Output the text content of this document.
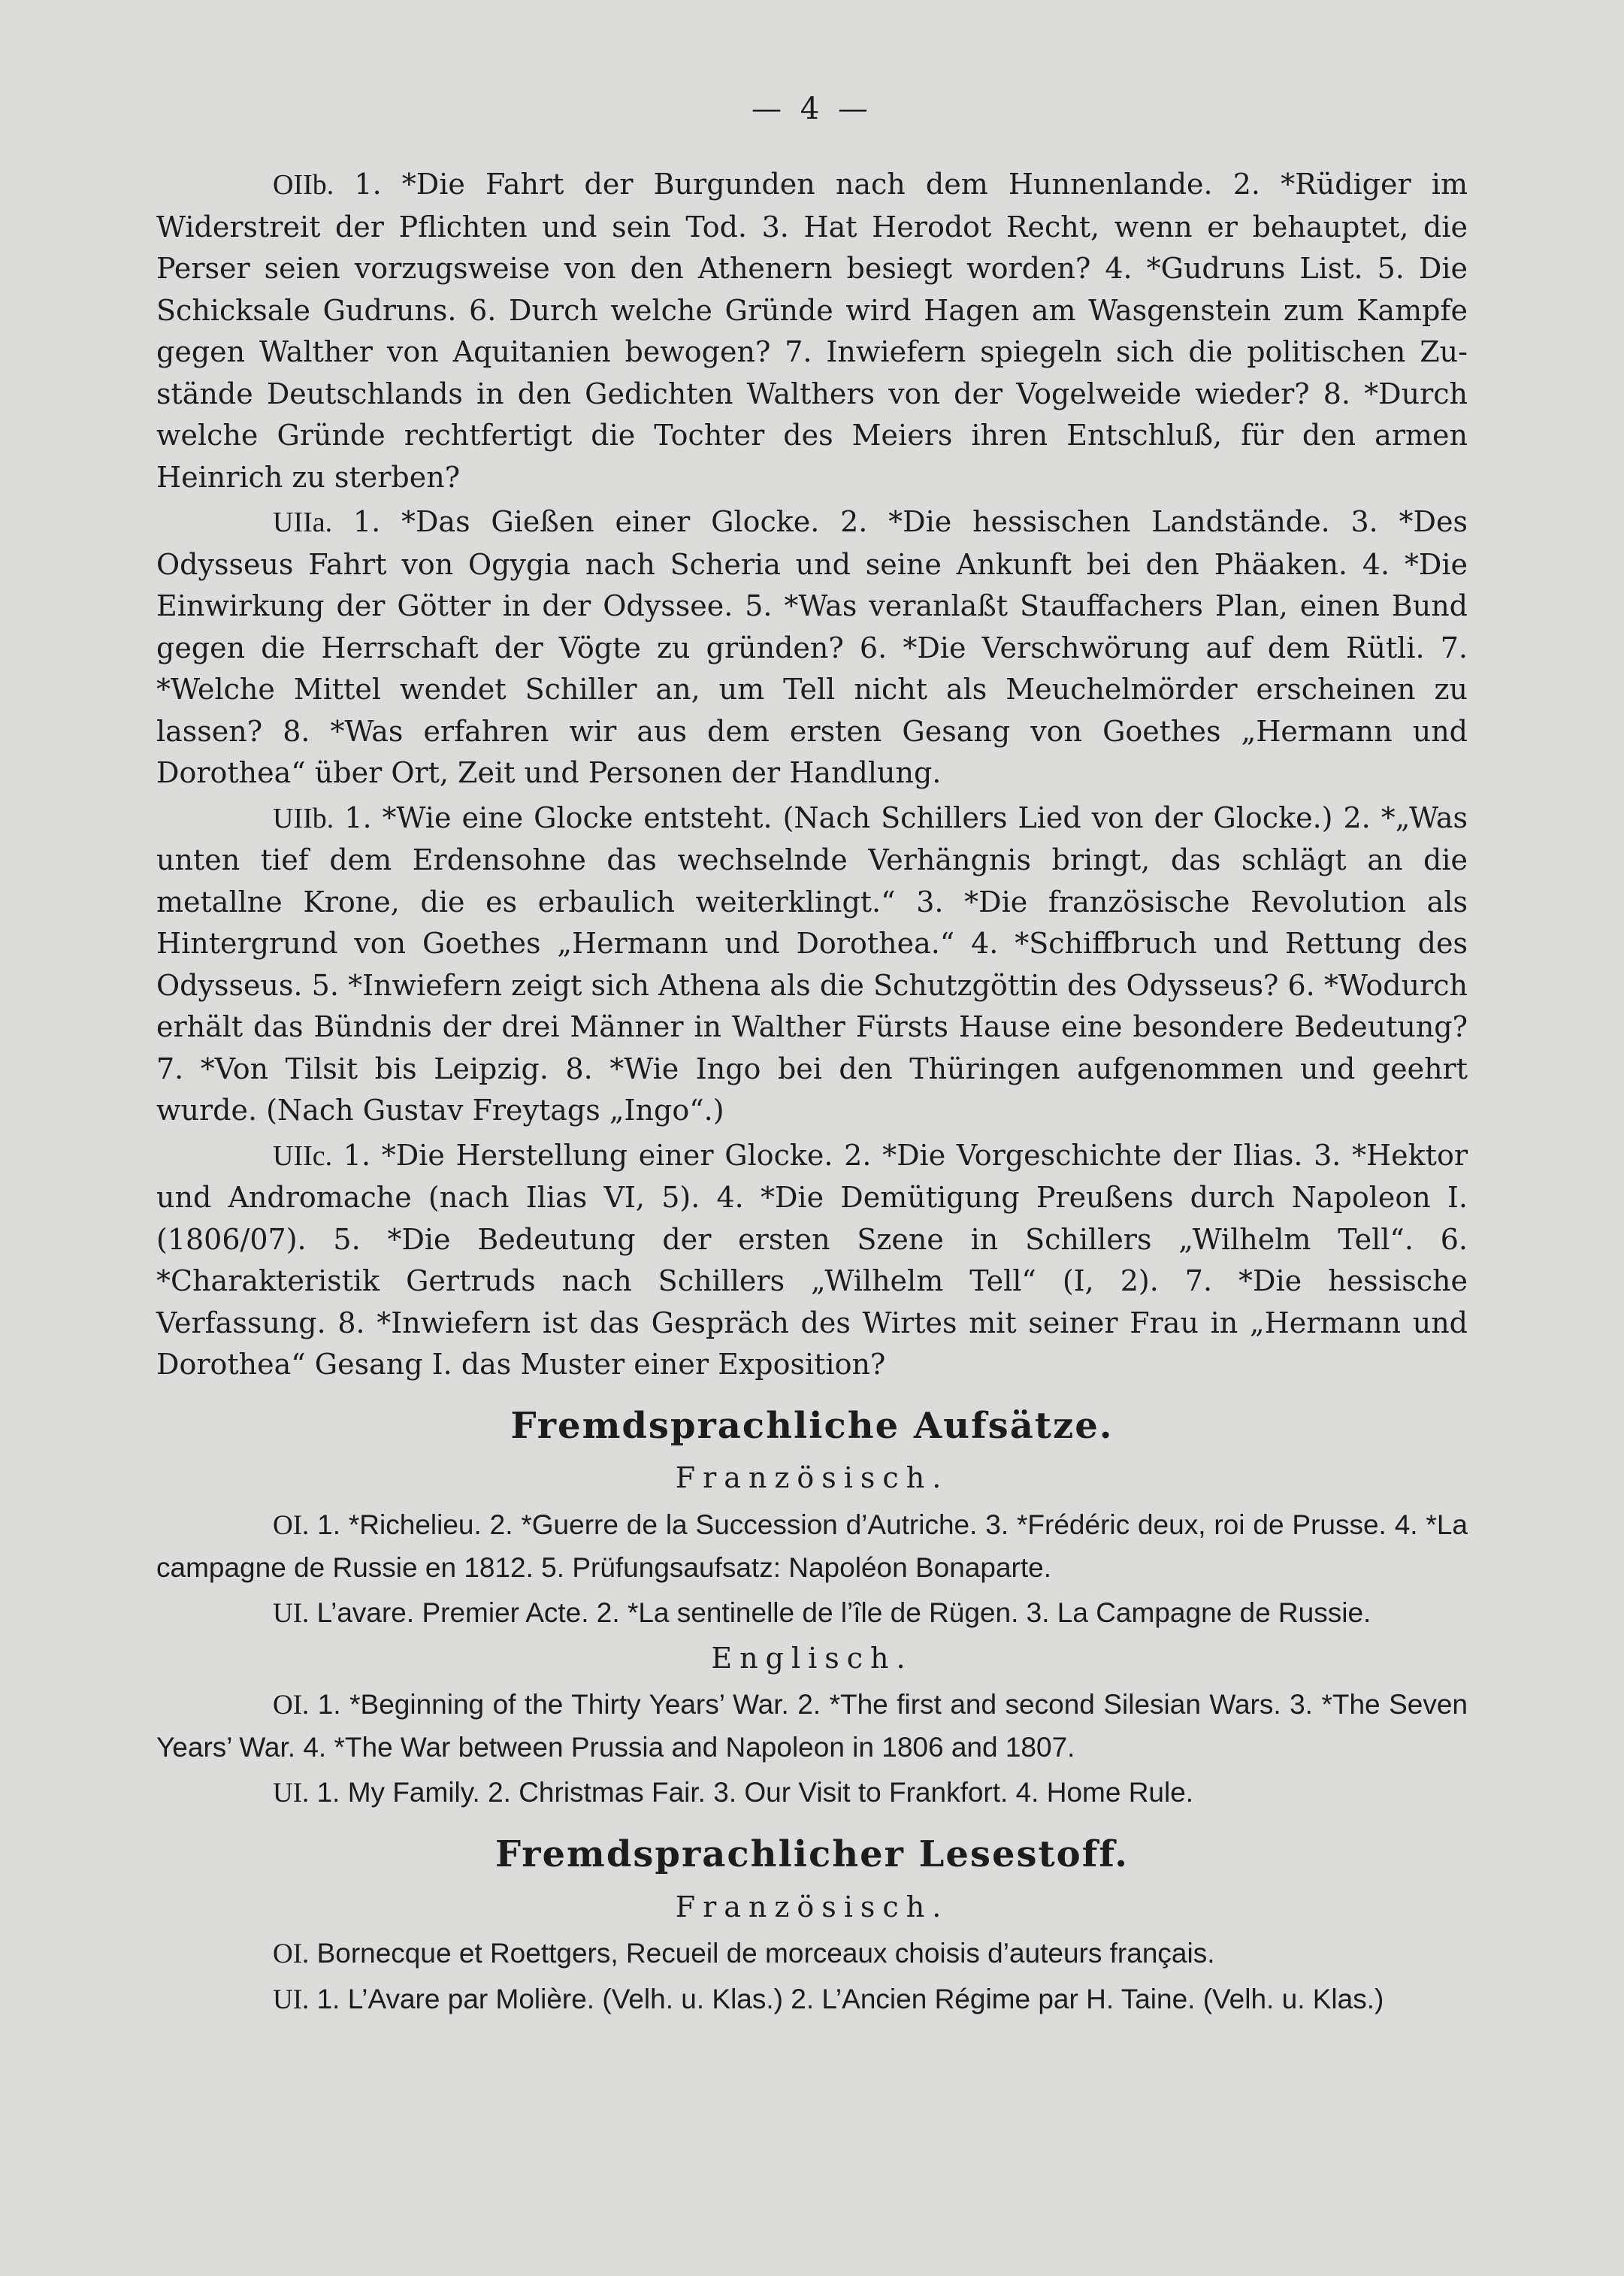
— 4 —

OIIb. 1. *Die Fahrt der Burgunden nach dem Hunnenlande. 2. *Rüdiger im Widerstreit der Pflichten und sein Tod. 3. Hat Herodot Recht, wenn er behauptet, die Perser seien vorzugsweise von den Athenern besiegt worden? 4. *Gudruns List. 5. Die Schicksale Gudruns. 6. Durch welche Gründe wird Hagen am Wasgenstein zum Kampfe gegen Walther von Aquitanien bewogen? 7. Inwiefern spiegeln sich die politischen Zustände Deutschlands in den Gedichten Walthers von der Vogelweide wieder? 8. *Durch welche Gründe rechtfertigt die Tochter des Meiers ihren Entschluß, für den armen Heinrich zu sterben?

UIIa. 1. *Das Gießen einer Glocke. 2. *Die hessischen Landstände. 3. *Des Odysseus Fahrt von Ogygia nach Scheria und seine Ankunft bei den Phäaken. 4. *Die Einwirkung der Götter in der Odyssee. 5. *Was veranlaßt Stauffachers Plan, einen Bund gegen die Herrschaft der Vögte zu gründen? 6. *Die Verschwörung auf dem Rütli. 7. *Welche Mittel wendet Schiller an, um Tell nicht als Meuchelmörder erscheinen zu lassen? 8. *Was erfahren wir aus dem ersten Gesang von Goethes „Hermann und Dorothea“ über Ort, Zeit und Personen der Handlung.

UIIb. 1. *Wie eine Glocke entsteht. (Nach Schillers Lied von der Glocke.) 2. *„Was unten tief dem Erdensohne das wechselnde Verhängnis bringt, das schlägt an die metallne Krone, die es erbaulich weiterklingt.“ 3. *Die französische Revolution als Hintergrund von Goethes „Hermann und Dorothea.“ 4. *Schiffbruch und Rettung des Odysseus. 5. *Inwiefern zeigt sich Athena als die Schutzgöttin des Odysseus? 6. *Wodurch erhält das Bündnis der drei Männer in Walther Fürsts Hause eine besondere Bedeutung? 7. *Von Tilsit bis Leipzig. 8. *Wie Ingo bei den Thüringen aufgenommen und geehrt wurde. (Nach Gustav Freytags „Ingo“.)

UIIc. 1. *Die Herstellung einer Glocke. 2. *Die Vorgeschichte der Ilias. 3. *Hektor und Andromache (nach Ilias VI, 5). 4. *Die Demütigung Preußens durch Napoleon I. (1806/07). 5. *Die Bedeutung der ersten Szene in Schillers „Wilhelm Tell“. 6. *Charakteristik Gertruds nach Schillers „Wilhelm Tell“ (I, 2). 7. *Die hessische Verfassung. 8. *Inwiefern ist das Gespräch des Wirtes mit seiner Frau in „Hermann und Dorothea“ Gesang I. das Muster einer Exposition?

Fremdsprachliche Aufsätze.
Französisch.

OI. 1. *Richelieu. 2. *Guerre de la Succession d’Autriche. 3. *Frédéric deux, roi de Prusse. 4. *La campagne de Russie en 1812. 5. Prüfungsaufsatz: Napoléon Bonaparte.

UI. L’avare. Premier Acte. 2. *La sentinelle de l’île de Rügen. 3. La Campagne de Russie.

Englisch.

OI. 1. *Beginning of the Thirty Years’ War. 2. *The first and second Silesian Wars. 3. *The Seven Years’ War. 4. *The War between Prussia and Napoleon in 1806 and 1807.

UI. 1. My Family. 2. Christmas Fair. 3. Our Visit to Frankfort. 4. Home Rule.

Fremdsprachlicher Lesestoff.
Französisch.

OI. Bornecque et Roettgers, Recueil de morceaux choisis d’auteurs français.

UI. 1. L’Avare par Molière. (Velh. u. Klas.) 2. L’Ancien Régime par H. Taine. (Velh. u. Klas.)
